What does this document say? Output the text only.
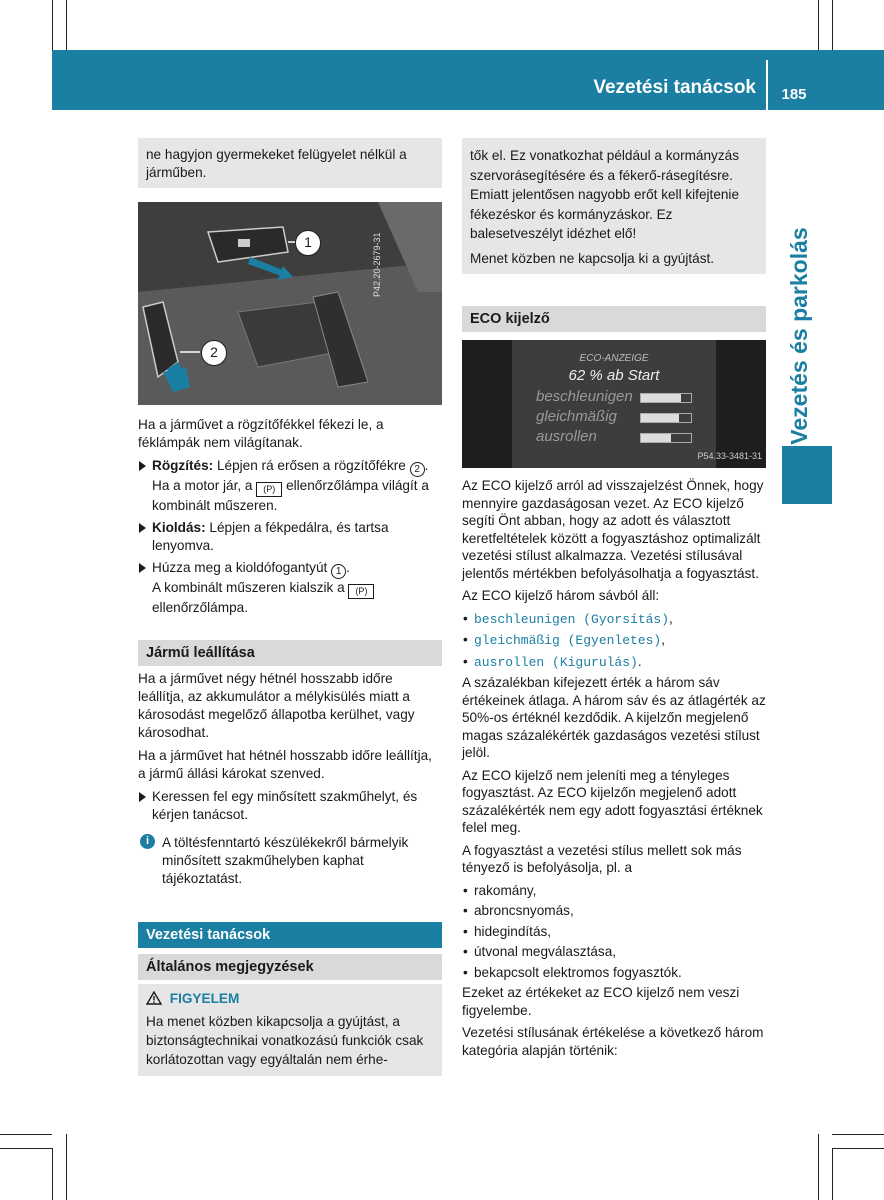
Vezetési tanácsok	185
Vezetés és parkolás

ne hagyjon gyermekeket felügyelet nélkül a járműben.

1
2
P42.20-2679-31

Ha a járművet a rögzítőfékkel fékezi le, a féklámpák nem világítanak.

Rögzítés: Lépjen rá erősen a rögzítőfékre 2 .
Ha a motor jár, a (P) ellenőrzőlámpa világít a kombinált műszeren.
Kioldás: Lépjen a fékpedálra, és tartsa lenyomva.
Húzza meg a kioldófogantyút 1 .
A kombinált műszeren kialszik a (P) ellenőrzőlámpa.
Jármű leállítása

Ha a járművet négy hétnél hosszabb időre leállítja, az akkumulátor a mélykisülés miatt a károsodást megelőző állapotba kerülhet, vagy károsodhat.

Ha a járművet hat hétnél hosszabb időre leállítja, a jármű állási károkat szenved.

Keressen fel egy minősített szakműhelyt, és kérjen tanácsot.
i A töltésfenntartó készülékekről bármelyik minősített szakműhelyben kaphat tájékoztatást.
Vezetési tanácsok
Általános megjegyzések
FIGYELEM

Ha menet közben kikapcsolja a gyújtást, a biztonságtechnikai vonatkozású funkciók csak korlátozottan vagy egyáltalán nem érhe-

tők el. Ez vonatkozhat például a kormányzás szervorásegítésére és a fékerő-rásegítésre. Emiatt jelentősen nagyobb erőt kell kifejtenie fékezéskor és kormányzáskor. Ez balesetveszélyt idézhet elő!

Menet közben ne kapcsolja ki a gyújtást.

ECO kijelző
ECO-ANZEIGE
62 % ab Start
beschleunigen
gleichmäßig
ausrollen
P54.33-3481-31

Az ECO kijelző arról ad visszajelzést Önnek, hogy mennyire gazdaságosan vezet. Az ECO kijelző segíti Önt abban, hogy az adott és választott keretfeltételek között a fogyasztáshoz optimalizált vezetési stílust alkalmazza. Vezetési stílusával jelentős mértékben befolyásolhatja a fogyasztást.

Az ECO kijelző három sávból áll:

• beschleunigen (Gyorsítás),
• gleichmäßig (Egyenletes),
• ausrollen (Kigurulás).

A százalékban kifejezett érték a három sáv értékeinek átlaga. A három sáv és az átlagérték az 50%-os értéknél kezdődik. A kijelzőn megjelenő magas százalékérték gazdaságos vezetési stílust jelöl.

Az ECO kijelző nem jeleníti meg a tényleges fogyasztást. Az ECO kijelzőn megjelenő adott százalékérték nem egy adott fogyasztási értéknek felel meg.

A fogyasztást a vezetési stílus mellett sok más tényező is befolyásolja, pl. a

• rakomány,
• abroncsnyomás,
• hidegindítás,
• útvonal megválasztása,
• bekapcsolt elektromos fogyasztók.

Ezeket az értékeket az ECO kijelző nem veszi figyelembe.

Vezetési stílusának értékelése a következő három kategória alapján történik:
